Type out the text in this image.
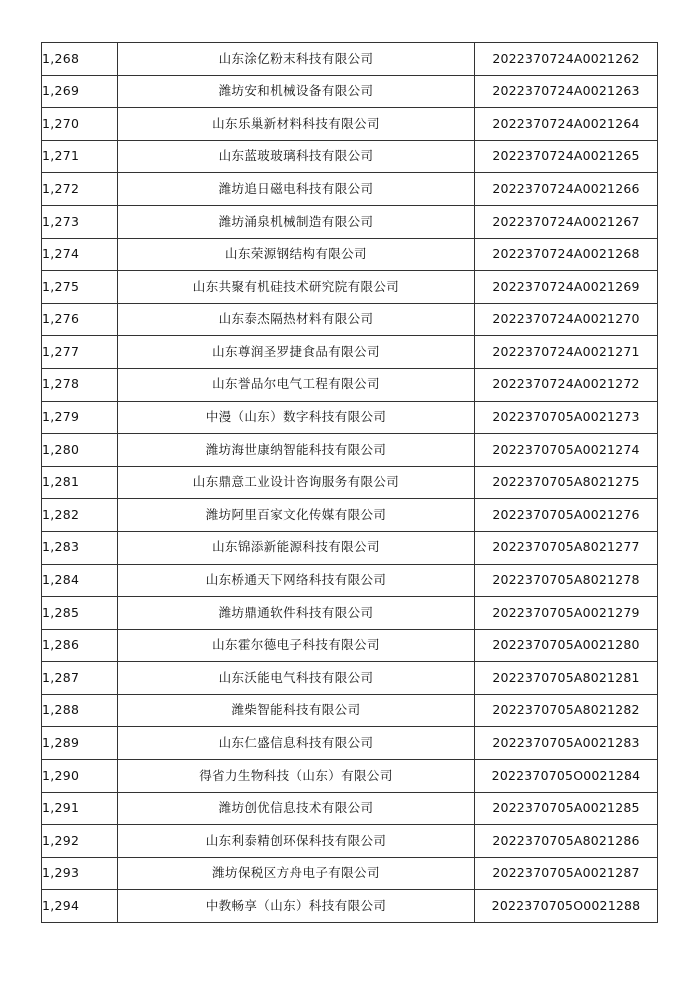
1,268	山东涂亿粉末科技有限公司	2022370724A0021262
1,269	潍坊安和机械设备有限公司	2022370724A0021263
1,270	山东乐巢新材料科技有限公司	2022370724A0021264
1,271	山东蓝玻玻璃科技有限公司	2022370724A0021265
1,272	潍坊追日磁电科技有限公司	2022370724A0021266
1,273	潍坊涌泉机械制造有限公司	2022370724A0021267
1,274	山东荣源钢结构有限公司	2022370724A0021268
1,275	山东共聚有机硅技术研究院有限公司	2022370724A0021269
1,276	山东泰杰隔热材料有限公司	2022370724A0021270
1,277	山东尊润圣罗捷食品有限公司	2022370724A0021271
1,278	山东誉品尔电气工程有限公司	2022370724A0021272
1,279	中漫（山东）数字科技有限公司	2022370705A0021273
1,280	潍坊海世康纳智能科技有限公司	2022370705A0021274
1,281	山东鼎意工业设计咨询服务有限公司	2022370705A8021275
1,282	潍坊阿里百家文化传媒有限公司	2022370705A0021276
1,283	山东锦添新能源科技有限公司	2022370705A8021277
1,284	山东桥通天下网络科技有限公司	2022370705A8021278
1,285	潍坊鼎通软件科技有限公司	2022370705A0021279
1,286	山东霍尔德电子科技有限公司	2022370705A0021280
1,287	山东沃能电气科技有限公司	2022370705A8021281
1,288	潍柴智能科技有限公司	2022370705A8021282
1,289	山东仁盛信息科技有限公司	2022370705A0021283
1,290	得省力生物科技（山东）有限公司	2022370705O0021284
1,291	潍坊创优信息技术有限公司	2022370705A0021285
1,292	山东利泰精创环保科技有限公司	2022370705A8021286
1,293	潍坊保税区方舟电子有限公司	2022370705A0021287
1,294	中教畅享（山东）科技有限公司	2022370705O0021288
